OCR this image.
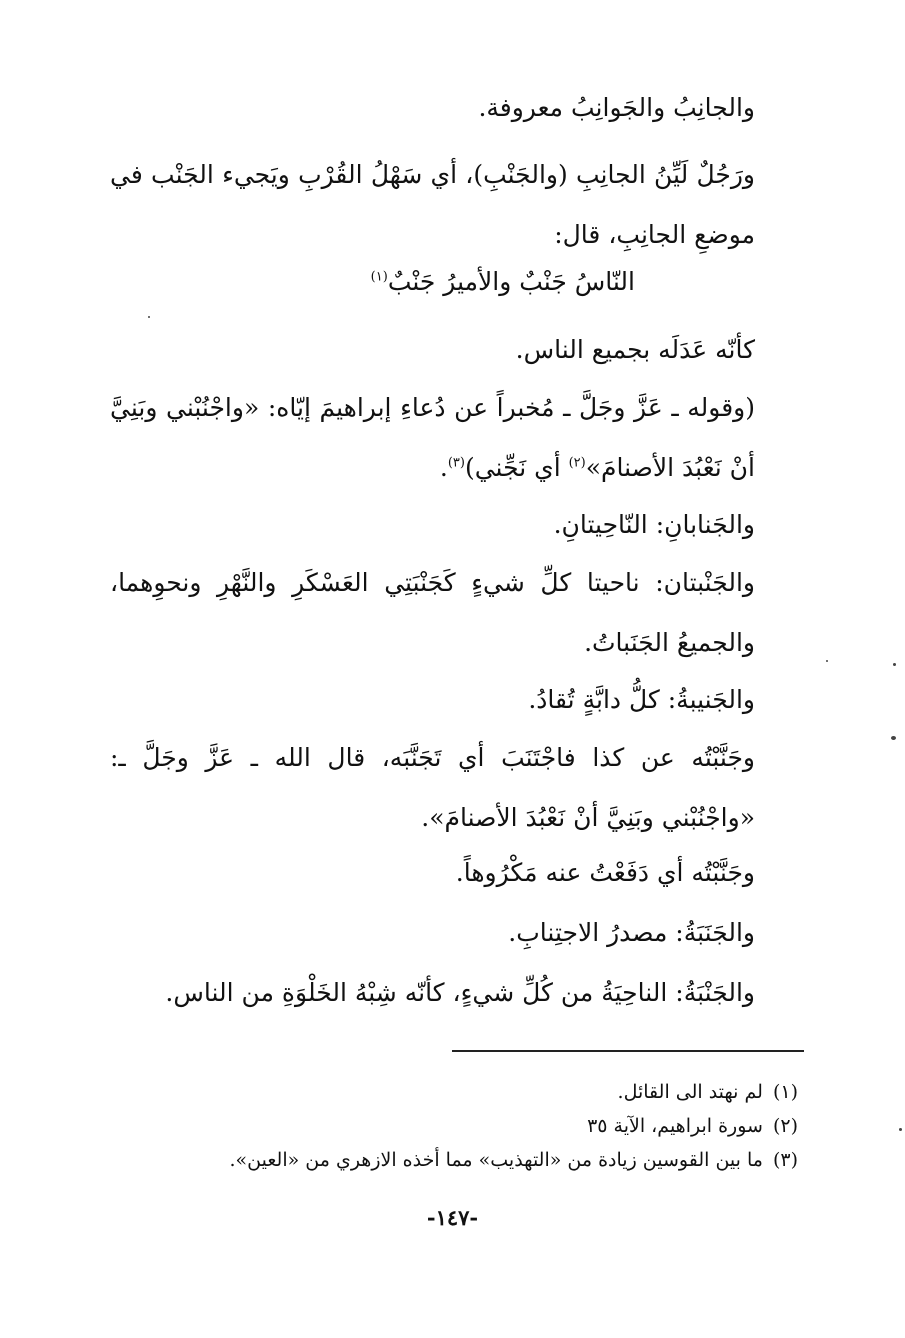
والجانِبُ والجَوانِبُ معروفة.

ورَجُلٌ لَيِّنُ الجانِبِ (والجَنْبِ)، أي سَهْلُ القُرْبِ ويَجيء الجَنْب في موضعِ الجانِبِ، قال:

النّاسُ جَنْبٌ والأميرُ جَنْبٌ$^{(١)}$

كأنّه عَدَلَه بجميع الناس.

(وقوله ـ عَزَّ وجَلَّ ـ مُخبراً عن دُعاءِ إبراهيمَ إيّاه: «واجْنُبْني وبَنِيَّ أنْ نَعْبُدَ الأصنامَ»$^{(٢)}$ أي نَجِّني)$^{(٣)}$.

والجَنابانِ: النّاحِيتانِ.

والجَنْبتان: ناحيتا كلِّ شيءٍ كَجَنْبَتِي العَسْكَرِ والنَّهْرِ ونحوِهما، والجميعُ الجَنَباتُ.

والجَنيبةُ: كلُّ دابَّةٍ تُقادُ.

وجَنَّبْتُه عن كذا فاجْتَنَبَ أي تَجَنَّبَه، قال الله ـ عَزَّ وجَلَّ ـ: «واجْنُبْني وبَنِيَّ أنْ نَعْبُدَ الأصنامَ».

وجَنَّبْتُه أي دَفَعْتُ عنه مَكْرُوهاً.

والجَنَبَةُ: مصدرُ الاجتِنابِ.

والجَنْبَةُ: الناحِيَةُ من كُلِّ شيءٍ، كأنّه شِبْهُ الخَلْوَةِ من الناس.

(١)لم نهتد الى القائل.
(٢)سورة ابراهيم، الآية ٣٥
(٣)ما بين القوسين زيادة من «التهذيب» مما أخذه الازهري من «العين».
-١٤٧-
